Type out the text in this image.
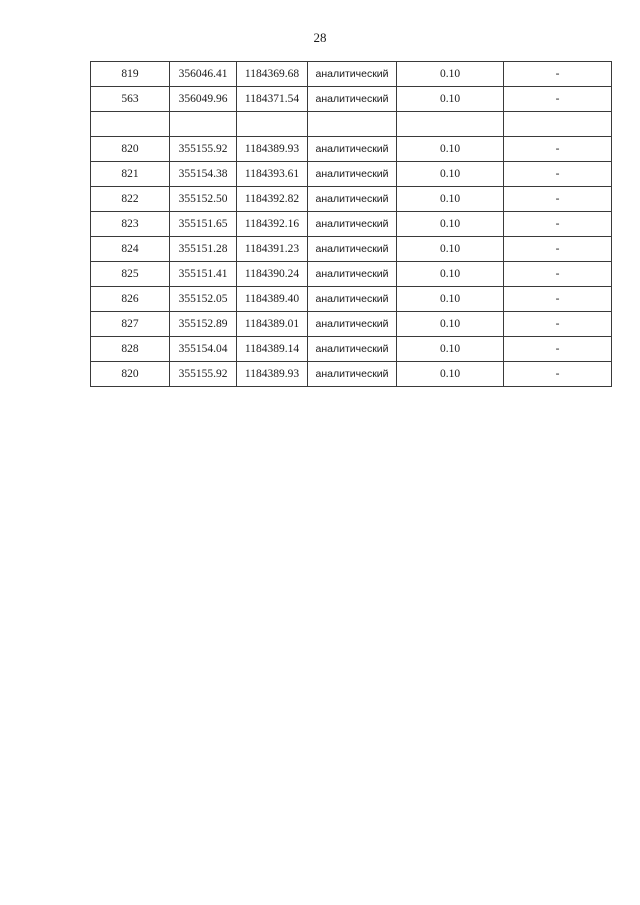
28
819	356046.41	1184369.68	аналитический	0.10	-
563	356049.96	1184371.54	аналитический	0.10	-

820	355155.92	1184389.93	аналитический	0.10	-
821	355154.38	1184393.61	аналитический	0.10	-
822	355152.50	1184392.82	аналитический	0.10	-
823	355151.65	1184392.16	аналитический	0.10	-
824	355151.28	1184391.23	аналитический	0.10	-
825	355151.41	1184390.24	аналитический	0.10	-
826	355152.05	1184389.40	аналитический	0.10	-
827	355152.89	1184389.01	аналитический	0.10	-
828	355154.04	1184389.14	аналитический	0.10	-
820	355155.92	1184389.93	аналитический	0.10	-
